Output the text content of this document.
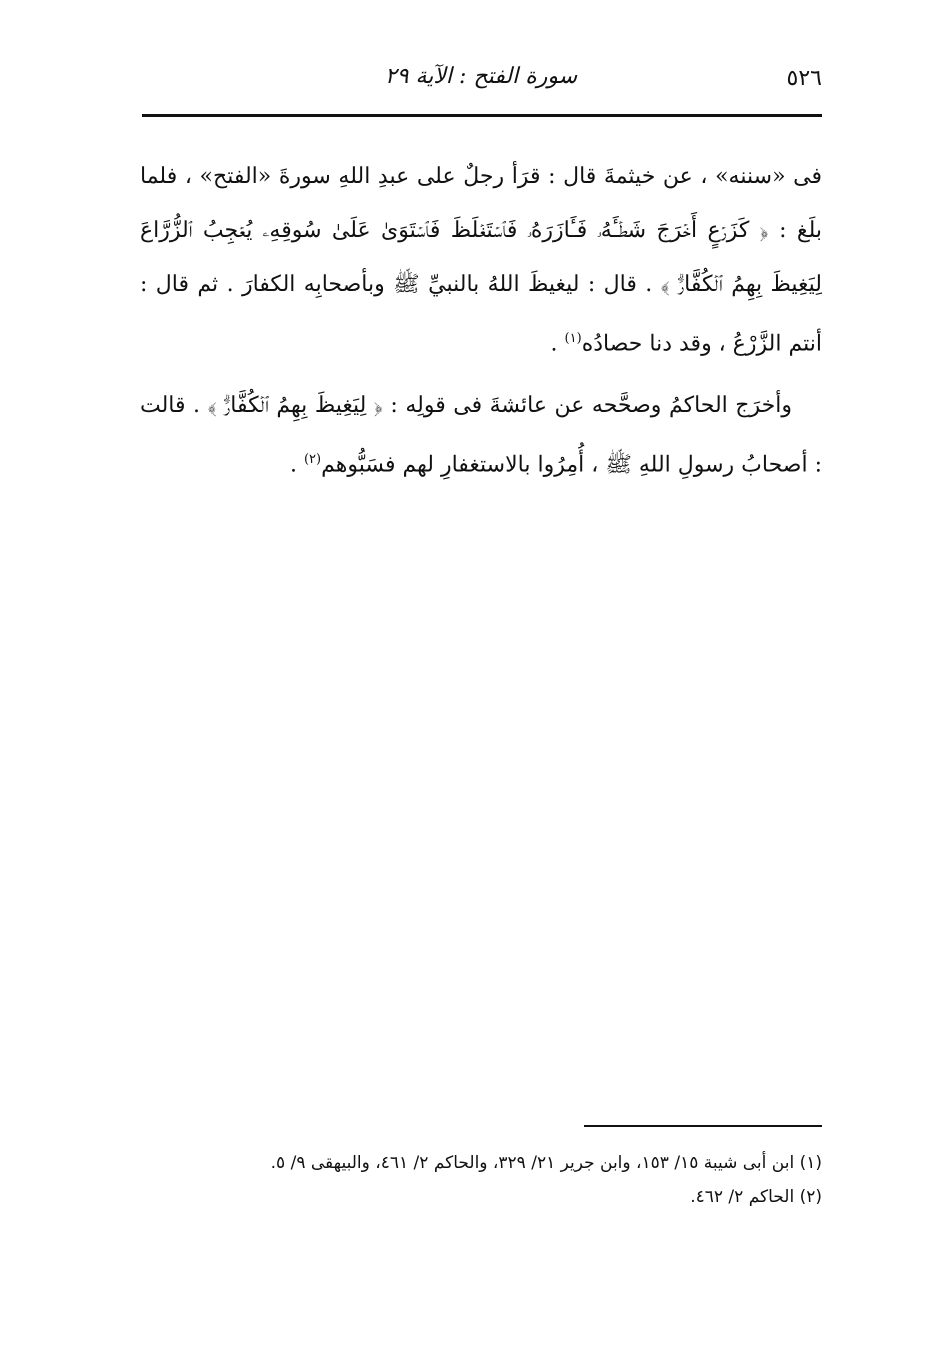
٥٢٦
سورة الفتح : الآية ٢٩

فى «سننه» ، عن خيثمةَ قال : قرَأ رجلٌ على عبدِ اللهِ سورةَ «الفتح» ، فلما بلَغ : ﴿ كَزَرۡعٍ أَخۡرَجَ شَطۡـَٔهُۥ فَـَٔازَرَهُۥ فَٱسۡتَغۡلَظَ فَٱسۡتَوَىٰ عَلَىٰ سُوقِهِۦ يُعۡجِبُ ٱلزُّرَّاعَ لِيَغِيظَ بِهِمُ ٱلۡكُفَّارَۗ ﴾ . قال : ليغيظَ اللهُ بالنبيِّ ﷺ وبأصحابِه الكفارَ . ثم قال : أنتم الزَّرْعُ ، وقد دنا حصادُه$^{(١)}$ .

وأخرَج الحاكمُ وصحَّحه عن عائشةَ فى قولِه : ﴿ لِيَغِيظَ بِهِمُ ٱلۡكُفَّارَۗ ﴾ . قالت : أصحابُ رسولِ اللهِ ﷺ ، أُمِرُوا بالاستغفارِ لهم فسَبُّوهم$^{(٢)}$ .

(١) ابن أبى شيبة ١٥/ ١٥٣، وابن جرير ٢١/ ٣٢٩، والحاكم ٢/ ٤٦١، والبيهقى ٩/ ٥.
(٢) الحاكم ٢/ ٤٦٢.
